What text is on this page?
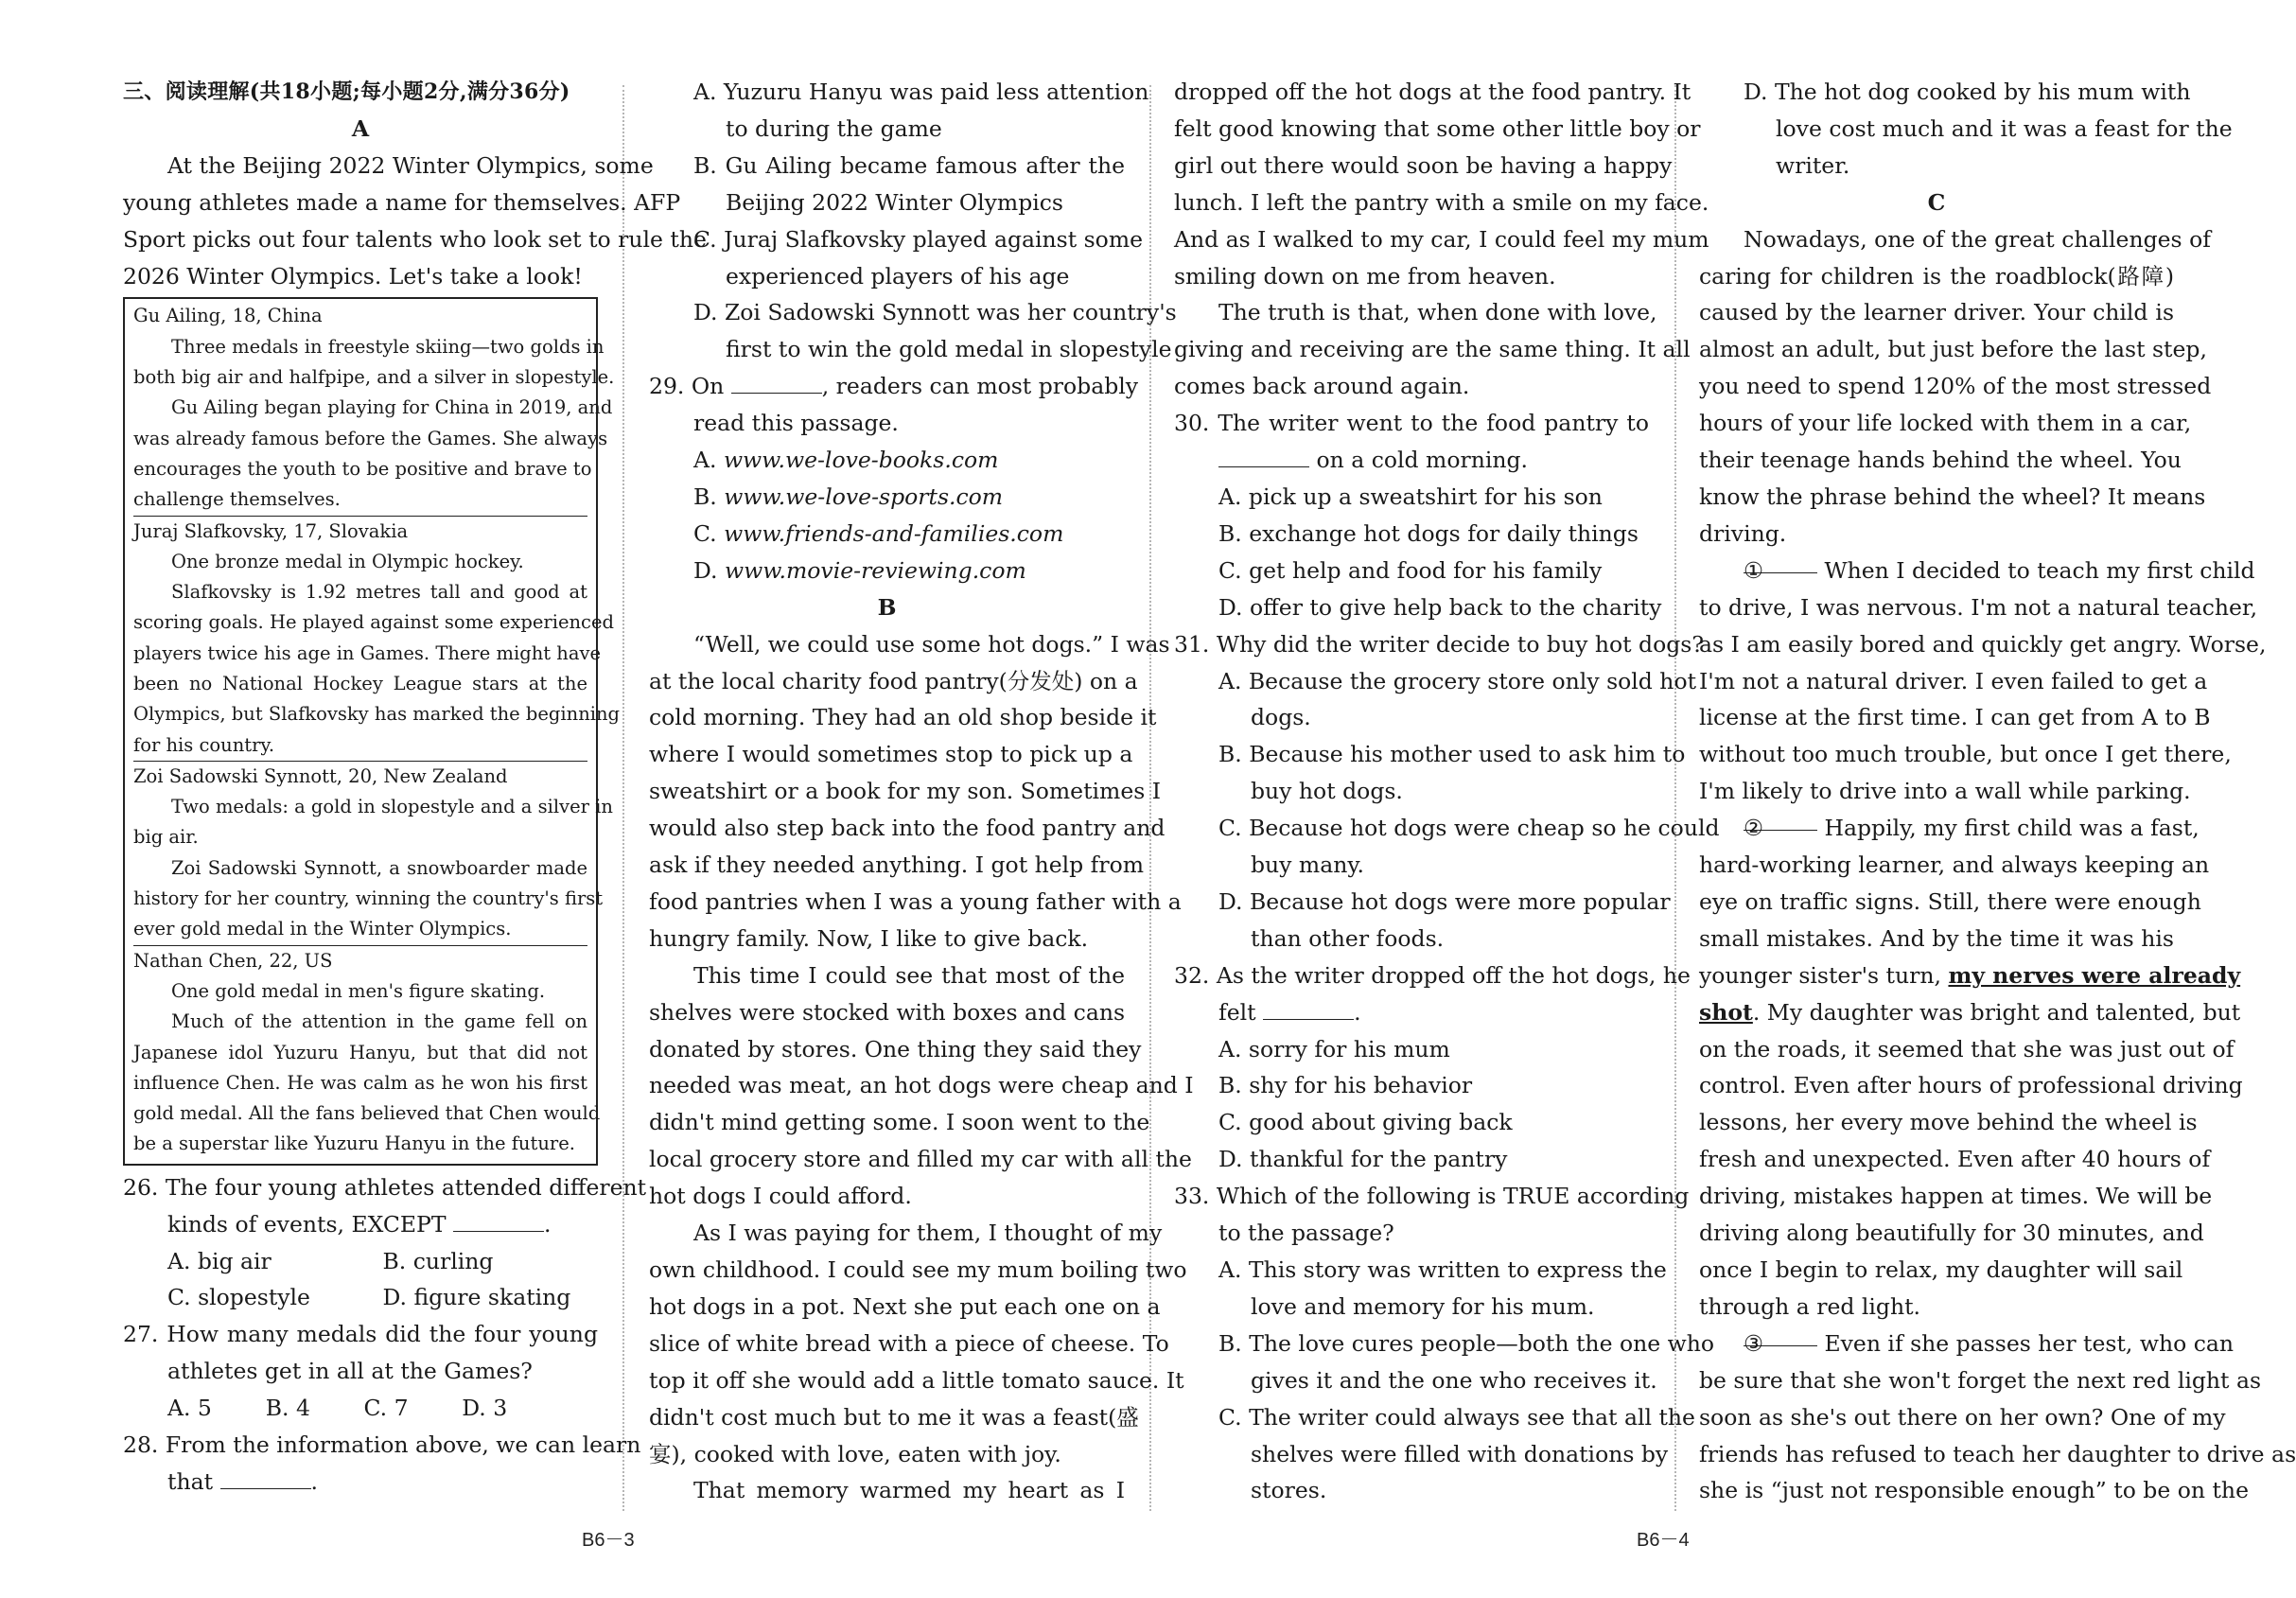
三、阅读理解(共18小题;每小题2分,满分36分)
A
At the Beijing 2022 Winter Olympics, some
young athletes made a name for themselves. AFP
Sport picks out four talents who look set to rule the
2026 Winter Olympics. Let's take a look!
Gu Ailing, 18, China
Three medals in freestyle skiing—two golds in
both big air and halfpipe, and a silver in slopestyle.
Gu Ailing began playing for China in 2019, and
was already famous before the Games. She always
encourages the youth to be positive and brave to
challenge themselves.
Juraj Slafkovsky, 17, Slovakia
One bronze medal in Olympic hockey.
Slafkovsky is 1.92 metres tall and good at
scoring goals. He played against some experienced
players twice his age in Games. There might have
been no National Hockey League stars at the
Olympics, but Slafkovsky has marked the beginning
for his country.
Zoi Sadowski Synnott, 20, New Zealand
Two medals: a gold in slopestyle and a silver in
big air.
Zoi Sadowski Synnott, a snowboarder made
history for her country, winning the country's first
ever gold medal in the Winter Olympics.
Nathan Chen, 22, US
One gold medal in men's figure skating.
Much of the attention in the game fell on
Japanese idol Yuzuru Hanyu, but that did not
influence Chen. He was calm as he won his first
gold medal. All the fans believed that Chen would
be a superstar like Yuzuru Hanyu in the future.
26. The four young athletes attended different
kinds of events, EXCEPT	.
A. big air	B. curling
C. slopestyle	D. figure skating
27. How many medals did the four young
athletes get in all at the Games?
A. 5	B. 4	C. 7	D. 3
28. From the information above, we can learn
that	.
A. Yuzuru Hanyu was paid less attention
to during the game
B. Gu Ailing became famous after the
Beijing 2022 Winter Olympics
C. Juraj Slafkovsky played against some
experienced players of his age
D. Zoi Sadowski Synnott was her country's
first to win the gold medal in slopestyle
29. On	, readers can most probably
read this passage.
A. www.we-love-books.com
B. www.we-love-sports.com
C. www.friends-and-families.com
D. www.movie-reviewing.com
B
“Well, we could use some hot dogs.” I was
at the local charity food pantry(分发处) on a
cold morning. They had an old shop beside it
where I would sometimes stop to pick up a
sweatshirt or a book for my son. Sometimes I
would also step back into the food pantry and
ask if they needed anything. I got help from
food pantries when I was a young father with a
hungry family. Now, I like to give back.
This time I could see that most of the
shelves were stocked with boxes and cans
donated by stores. One thing they said they
needed was meat, an hot dogs were cheap and I
didn't mind getting some. I soon went to the
local grocery store and filled my car with all the
hot dogs I could afford.
As I was paying for them, I thought of my
own childhood. I could see my mum boiling two
hot dogs in a pot. Next she put each one on a
slice of white bread with a piece of cheese. To
top it off she would add a little tomato sauce. It
didn't cost much but to me it was a feast(盛
宴), cooked with love, eaten with joy.
That memory warmed my heart as I
dropped off the hot dogs at the food pantry. It
felt good knowing that some other little boy or
girl out there would soon be having a happy
lunch. I left the pantry with a smile on my face.
And as I walked to my car, I could feel my mum
smiling down on me from heaven.
The truth is that, when done with love,
giving and receiving are the same thing. It all
comes back around again.
30. The writer went to the food pantry to
on a cold morning.
A. pick up a sweatshirt for his son
B. exchange hot dogs for daily things
C. get help and food for his family
D. offer to give help back to the charity
31. Why did the writer decide to buy hot dogs?
A. Because the grocery store only sold hot
dogs.
B. Because his mother used to ask him to
buy hot dogs.
C. Because hot dogs were cheap so he could
buy many.
D. Because hot dogs were more popular
than other foods.
32. As the writer dropped off the hot dogs, he
felt	.
A. sorry for his mum
B. shy for his behavior
C. good about giving back
D. thankful for the pantry
33. Which of the following is TRUE according
to the passage?
A. This story was written to express the
love and memory for his mum.
B. The love cures people—both the one who
gives it and the one who receives it.
C. The writer could always see that all the
shelves were filled with donations by
stores.
D. The hot dog cooked by his mum with
love cost much and it was a feast for the
writer.
C
Nowadays, one of the great challenges of
caring for children is the roadblock(路障)
caused by the learner driver. Your child is
almost an adult, but just before the last step,
you need to spend 120% of the most stressed
hours of your life locked with them in a car,
their teenage hands behind the wheel. You
know the phrase behind the wheel? It means
driving.
①	When I decided to teach my first child
to drive, I was nervous. I'm not a natural teacher,
as I am easily bored and quickly get angry. Worse,
I'm not a natural driver. I even failed to get a
license at the first time. I can get from A to B
without too much trouble, but once I get there,
I'm likely to drive into a wall while parking.
②	Happily, my first child was a fast,
hard-working learner, and always keeping an
eye on traffic signs. Still, there were enough
small mistakes. And by the time it was his
younger sister's turn, my nerves were already
shot. My daughter was bright and talented, but
on the roads, it seemed that she was just out of
control. Even after hours of professional driving
lessons, her every move behind the wheel is
fresh and unexpected. Even after 40 hours of
driving, mistakes happen at times. We will be
driving along beautifully for 30 minutes, and
once I begin to relax, my daughter will sail
through a red light.
③	Even if she passes her test, who can
be sure that she won't forget the next red light as
soon as she's out there on her own? One of my
friends has refused to teach her daughter to drive as
she is “just not responsible enough” to be on the
B6－3	B6－4
